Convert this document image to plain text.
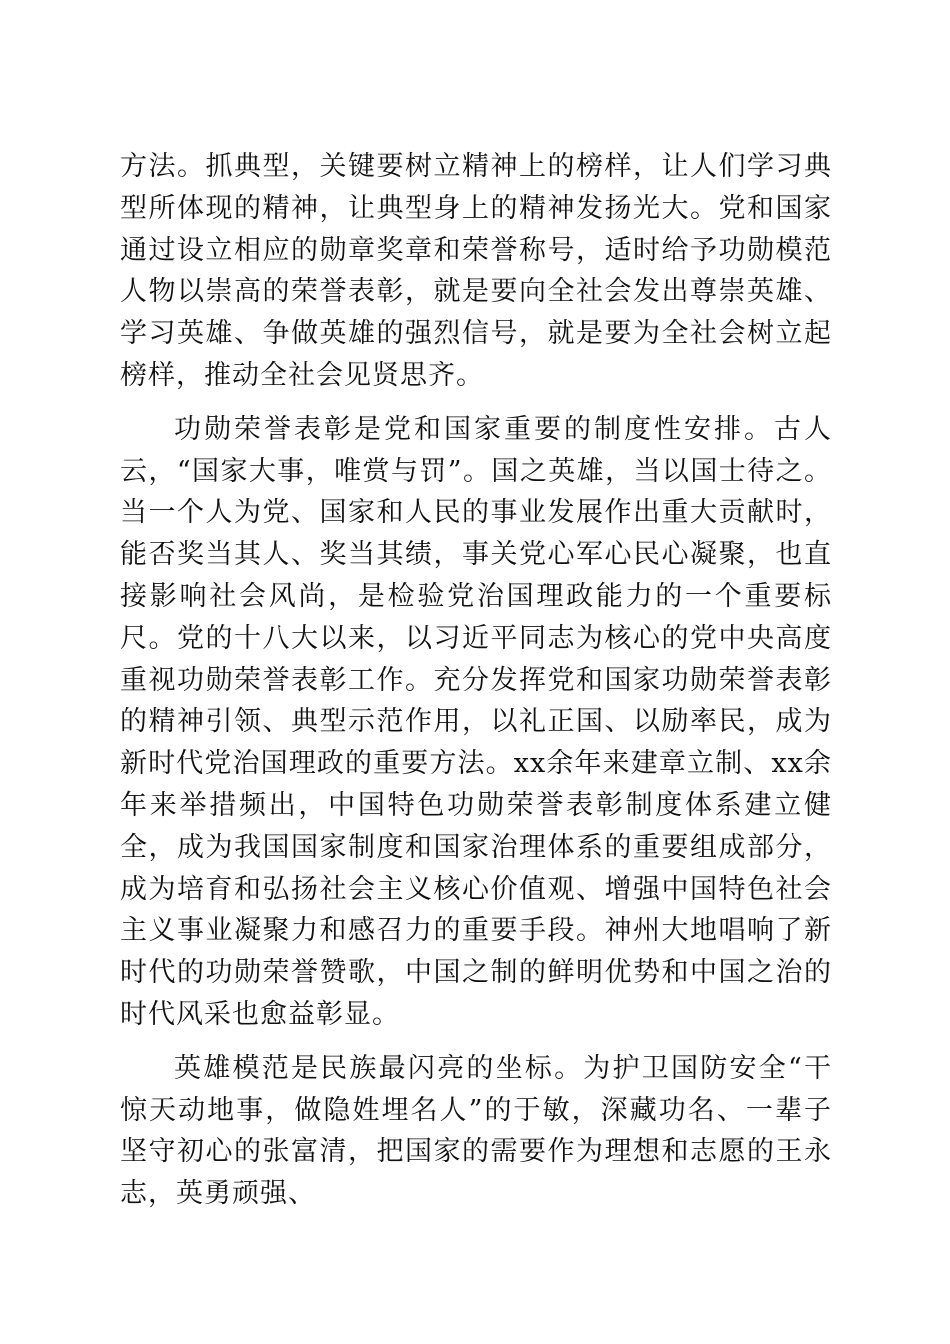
方法。抓典型，关键要树立精神上的榜样，让人们学习典型所体现的精神，让典型身上的精神发扬光大。党和国家通过设立相应的勋章奖章和荣誉称号，适时给予功勋模范人物以崇高的荣誉表彰，就是要向全社会发出尊崇英雄、学习英雄、争做英雄的强烈信号，就是要为全社会树立起榜样，推动全社会见贤思齐。

功勋荣誉表彰是党和国家重要的制度性安排。古人云，“国家大事，唯赏与罚”。国之英雄，当以国士待之。当一个人为党、国家和人民的事业发展作出重大贡献时，能否奖当其人、奖当其绩，事关党心军心民心凝聚，也直接影响社会风尚，是检验党治国理政能力的一个重要标尺。党的十八大以来，以习近平同志为核心的党中央高度重视功勋荣誉表彰工作。充分发挥党和国家功勋荣誉表彰的精神引领、典型示范作用，以礼正国、以励率民，成为新时代党治国理政的重要方法。xx余年来建章立制、xx余年来举措频出，中国特色功勋荣誉表彰制度体系建立健全，成为我国国家制度和国家治理体系的重要组成部分，成为培育和弘扬社会主义核心价值观、增强中国特色社会主义事业凝聚力和感召力的重要手段。神州大地唱响了新时代的功勋荣誉赞歌，中国之制的鲜明优势和中国之治的时代风采也愈益彰显。

英雄模范是民族最闪亮的坐标。为护卫国防安全“干惊天动地事，做隐姓埋名人”的于敏，深藏功名、一辈子坚守初心的张富清，把国家的需要作为理想和志愿的王永志，英勇顽强、
